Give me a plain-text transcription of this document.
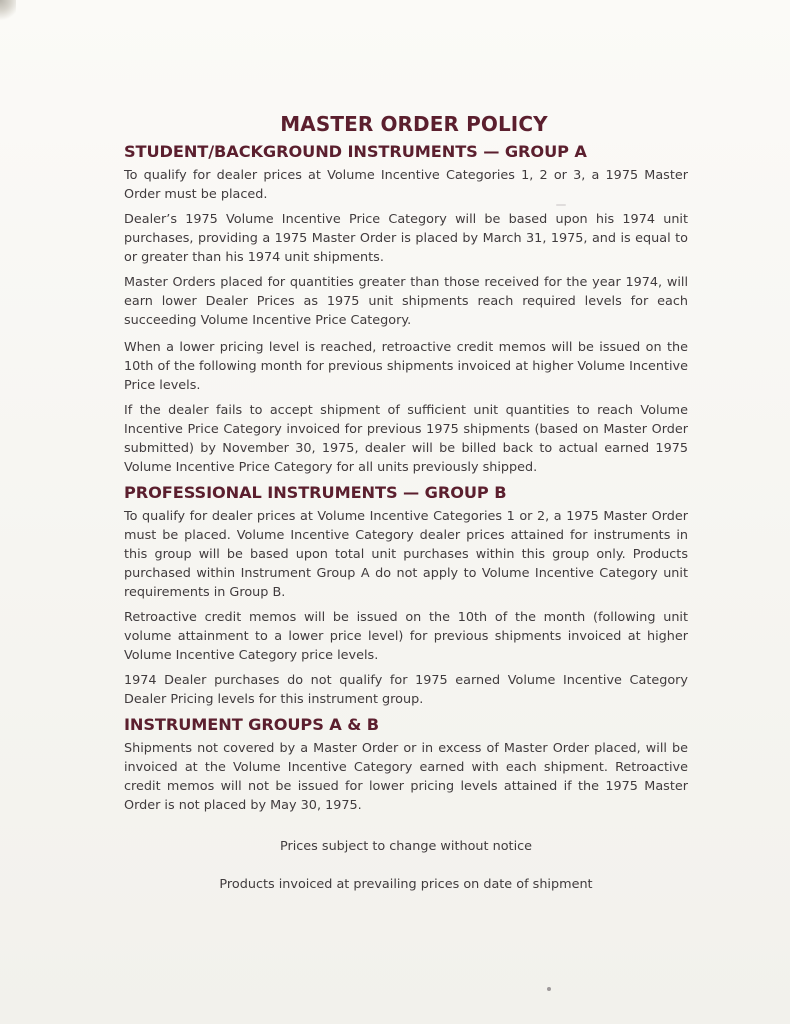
MASTER ORDER POLICY
STUDENT/BACKGROUND INSTRUMENTS — GROUP A

To qualify for dealer prices at Volume Incentive Categories 1, 2 or 3, a 1975 Master Order must be placed.

Dealer’s 1975 Volume Incentive Price Category will be based upon his 1974 unit purchases, providing a 1975 Master Order is placed by March 31, 1975, and is equal to or greater than his 1974 unit shipments.

Master Orders placed for quantities greater than those received for the year 1974, will earn lower Dealer Prices as 1975 unit shipments reach required levels for each succeeding Volume Incentive Price Category.

When a lower pricing level is reached, retroactive credit memos will be issued on the 10th of the following month for previous shipments invoiced at higher Volume Incentive Price levels.

If the dealer fails to accept shipment of sufficient unit quantities to reach Volume Incentive Price Category invoiced for previous 1975 shipments (based on Master Order submitted) by November 30, 1975, dealer will be billed back to actual earned 1975 Volume Incentive Price Category for all units previously shipped.

PROFESSIONAL INSTRUMENTS — GROUP B

To qualify for dealer prices at Volume Incentive Categories 1 or 2, a 1975 Master Order must be placed. Volume Incentive Category dealer prices attained for instruments in this group will be based upon total unit purchases within this group only. Products purchased within Instrument Group A do not apply to Volume Incentive Category unit requirements in Group B.

Retroactive credit memos will be issued on the 10th of the month (following unit volume attainment to a lower price level) for previous shipments invoiced at higher Volume Incentive Category price levels.

1974 Dealer purchases do not qualify for 1975 earned Volume Incentive Category Dealer Pricing levels for this instrument group.

INSTRUMENT GROUPS A & B

Shipments not covered by a Master Order or in excess of Master Order placed, will be invoiced at the Volume Incentive Category earned with each shipment. Retroactive credit memos will not be issued for lower pricing levels attained if the 1975 Master Order is not placed by May 30, 1975.

Prices subject to change without notice

Products invoiced at prevailing prices on date of shipment
